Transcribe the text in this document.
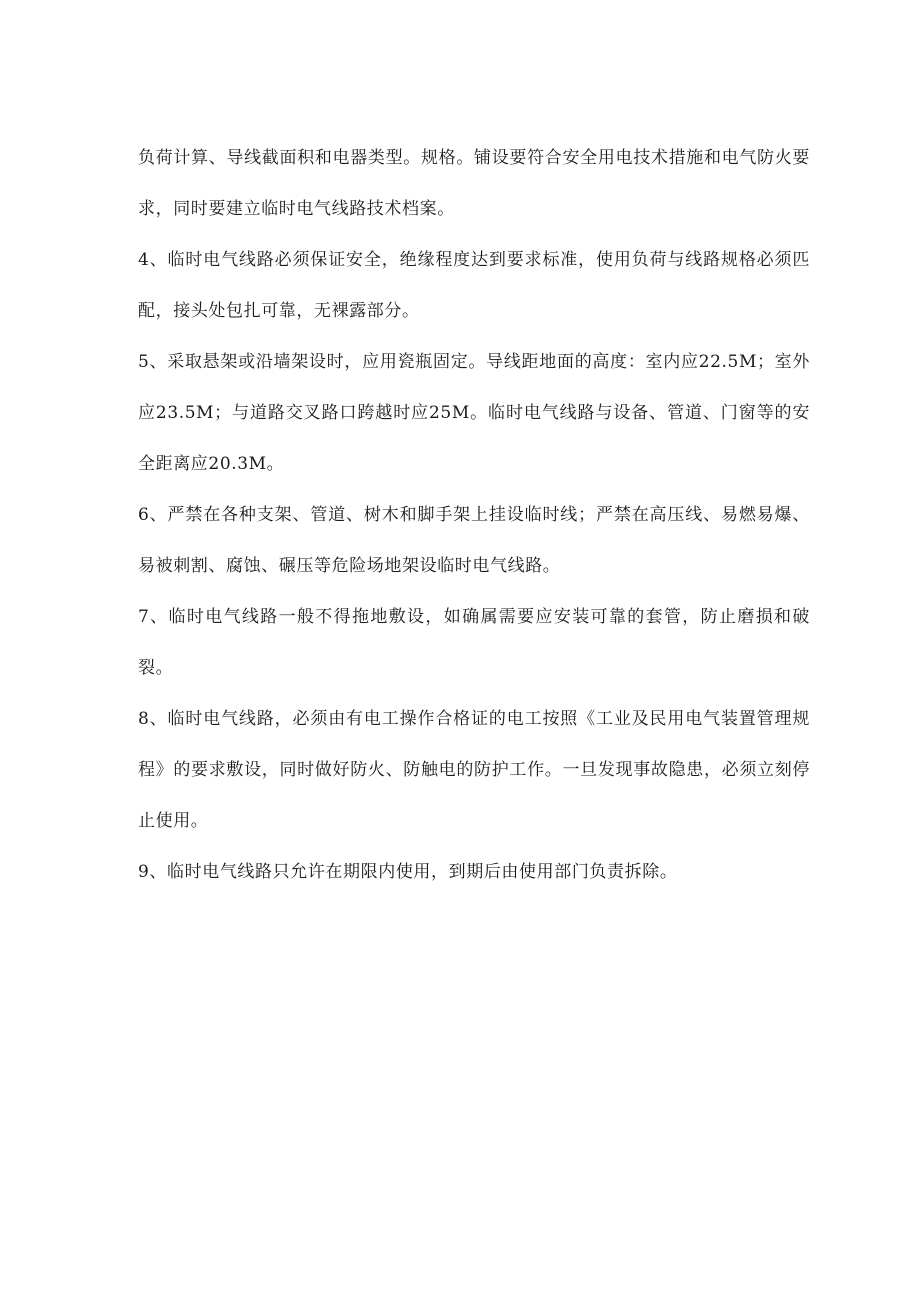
负荷计算、导线截面积和电器类型。规格。铺设要符合安全用电技术措施和电气防火要求，同时要建立临时电气线路技术档案。

4、临时电气线路必须保证安全，绝缘程度达到要求标准，使用负荷与线路规格必须匹配，接头处包扎可靠，无裸露部分。

5、采取悬架或沿墙架设时，应用瓷瓶固定。导线距地面的高度：室内应22.5M；室外应23.5M；与道路交叉路口跨越时应25M。临时电气线路与设备、管道、门窗等的安全距离应20.3M。

6、严禁在各种支架、管道、树木和脚手架上挂设临时线；严禁在高压线、易燃易爆、易被刺割、腐蚀、碾压等危险场地架设临时电气线路。

7、临时电气线路一般不得拖地敷设，如确属需要应安装可靠的套管，防止磨损和破裂。

8、临时电气线路，必须由有电工操作合格证的电工按照《工业及民用电气装置管理规程》的要求敷设，同时做好防火、防触电的防护工作。一旦发现事故隐患，必须立刻停止使用。

9、临时电气线路只允许在期限内使用，到期后由使用部门负责拆除。
